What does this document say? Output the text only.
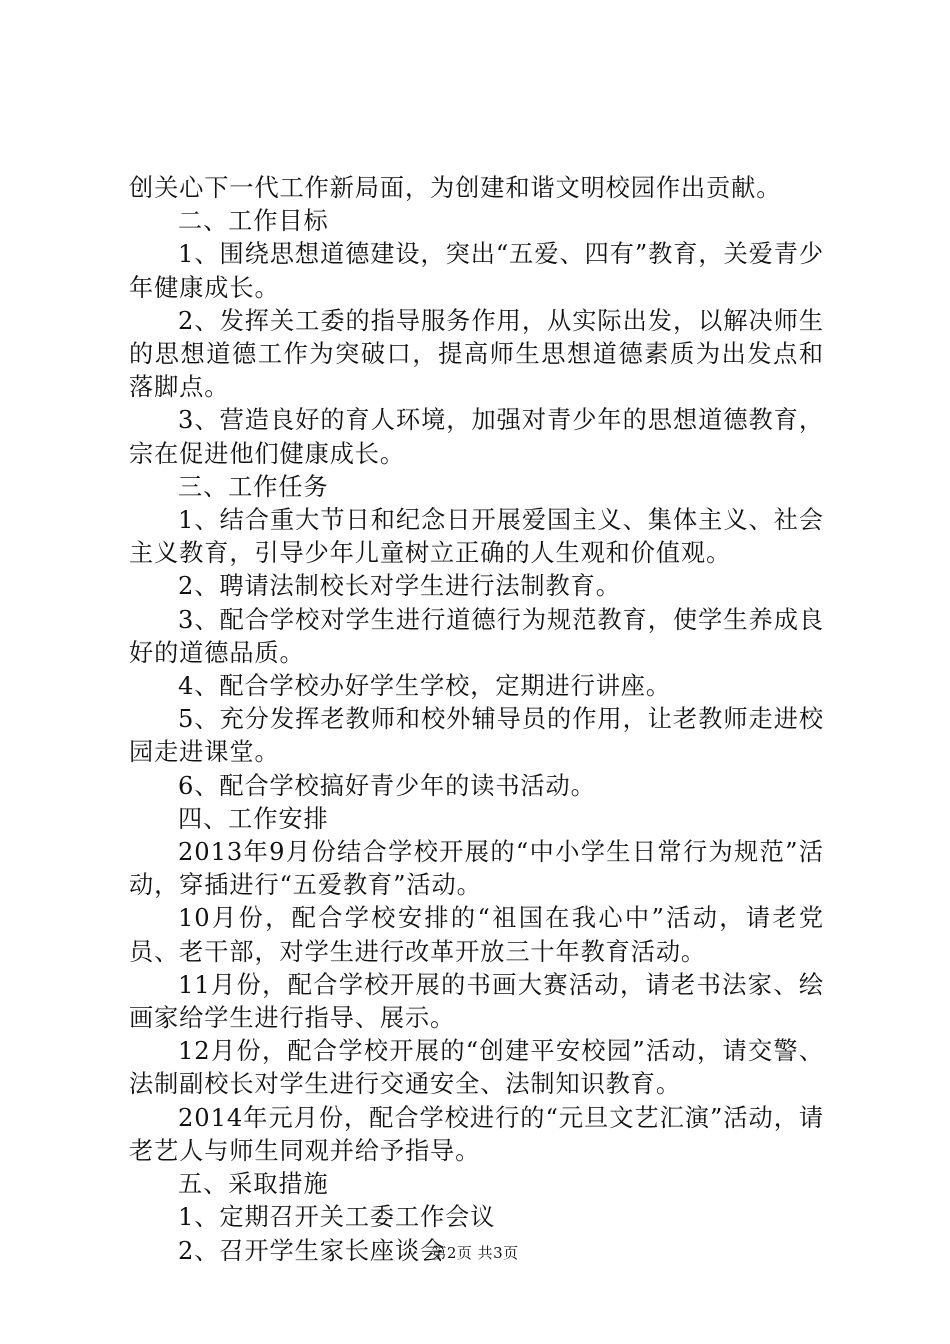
创关心下一代工作新局面，为创建和谐文明校园作出贡献。

二、工作目标

1、围绕思想道德建设，突出“五爱、四有”教育，关爱青少年健康成长。

2、发挥关工委的指导服务作用，从实际出发，以解决师生的思想道德工作为突破口，提高师生思想道德素质为出发点和落脚点。

3、营造良好的育人环境，加强对青少年的思想道德教育，宗在促进他们健康成长。

三、工作任务

1、结合重大节日和纪念日开展爱国主义、集体主义、社会主义教育，引导少年儿童树立正确的人生观和价值观。

2、聘请法制校长对学生进行法制教育。

3、配合学校对学生进行道德行为规范教育，使学生养成良好的道德品质。

4、配合学校办好学生学校，定期进行讲座。

5、充分发挥老教师和校外辅导员的作用，让老教师走进校园走进课堂。

6、配合学校搞好青少年的读书活动。

四、工作安排

2013年9月份结合学校开展的“中小学生日常行为规范”活动，穿插进行“五爱教育”活动。

10月份，配合学校安排的“祖国在我心中”活动，请老党员、老干部，对学生进行改革开放三十年教育活动。

11月份，配合学校开展的书画大赛活动，请老书法家、绘画家给学生进行指导、展示。

12月份，配合学校开展的“创建平安校园”活动，请交警、法制副校长对学生进行交通安全、法制知识教育。

2014年元月份，配合学校进行的“元旦文艺汇演”活动，请老艺人与师生同观并给予指导。

五、采取措施

1、定期召开关工委工作会议

2、召开学生家长座谈会

第2页 共3页
